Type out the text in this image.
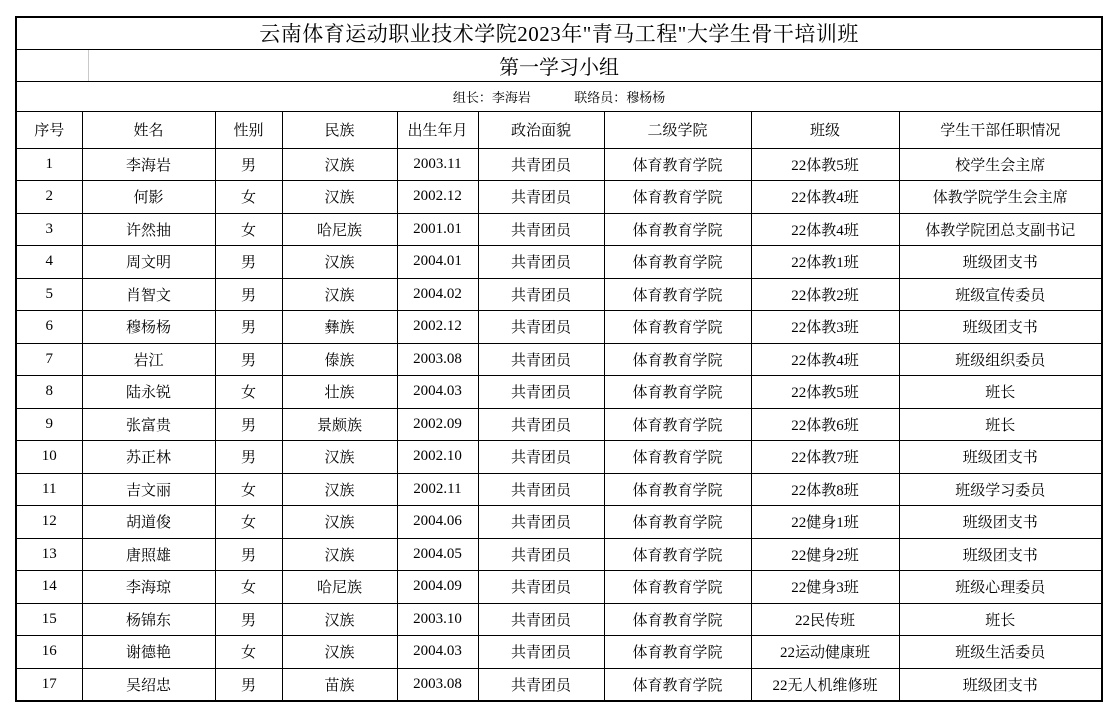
云南体育运动职业技术学院2023年"青马工程"大学生骨干培训班								

第一学习小组								
组长：李海岩 联络员：穆杨杨								
序号	姓名	性别	民族	出生年月	政治面貌	二级学院	班级	学生干部任职情况
1	李海岩	男	汉族	2003.11	共青团员	体育教育学院	22体教5班	校学生会主席
2	何影	女	汉族	2002.12	共青团员	体育教育学院	22体教4班	体教学院学生会主席
3	许然抽	女	哈尼族	2001.01	共青团员	体育教育学院	22体教4班	体教学院团总支副书记
4	周文明	男	汉族	2004.01	共青团员	体育教育学院	22体教1班	班级团支书
5	肖智文	男	汉族	2004.02	共青团员	体育教育学院	22体教2班	班级宣传委员
6	穆杨杨	男	彝族	2002.12	共青团员	体育教育学院	22体教3班	班级团支书
7	岩江	男	傣族	2003.08	共青团员	体育教育学院	22体教4班	班级组织委员
8	陆永锐	女	壮族	2004.03	共青团员	体育教育学院	22体教5班	班长
9	张富贵	男	景颇族	2002.09	共青团员	体育教育学院	22体教6班	班长
10	苏正林	男	汉族	2002.10	共青团员	体育教育学院	22体教7班	班级团支书
11	吉文丽	女	汉族	2002.11	共青团员	体育教育学院	22体教8班	班级学习委员
12	胡道俊	女	汉族	2004.06	共青团员	体育教育学院	22健身1班	班级团支书
13	唐照雄	男	汉族	2004.05	共青团员	体育教育学院	22健身2班	班级团支书
14	李海琼	女	哈尼族	2004.09	共青团员	体育教育学院	22健身3班	班级心理委员
15	杨锦东	男	汉族	2003.10	共青团员	体育教育学院	22民传班	班长
16	谢德艳	女	汉族	2004.03	共青团员	体育教育学院	22运动健康班	班级生活委员
17	吴绍忠	男	苗族	2003.08	共青团员	体育教育学院	22无人机维修班	班级团支书
